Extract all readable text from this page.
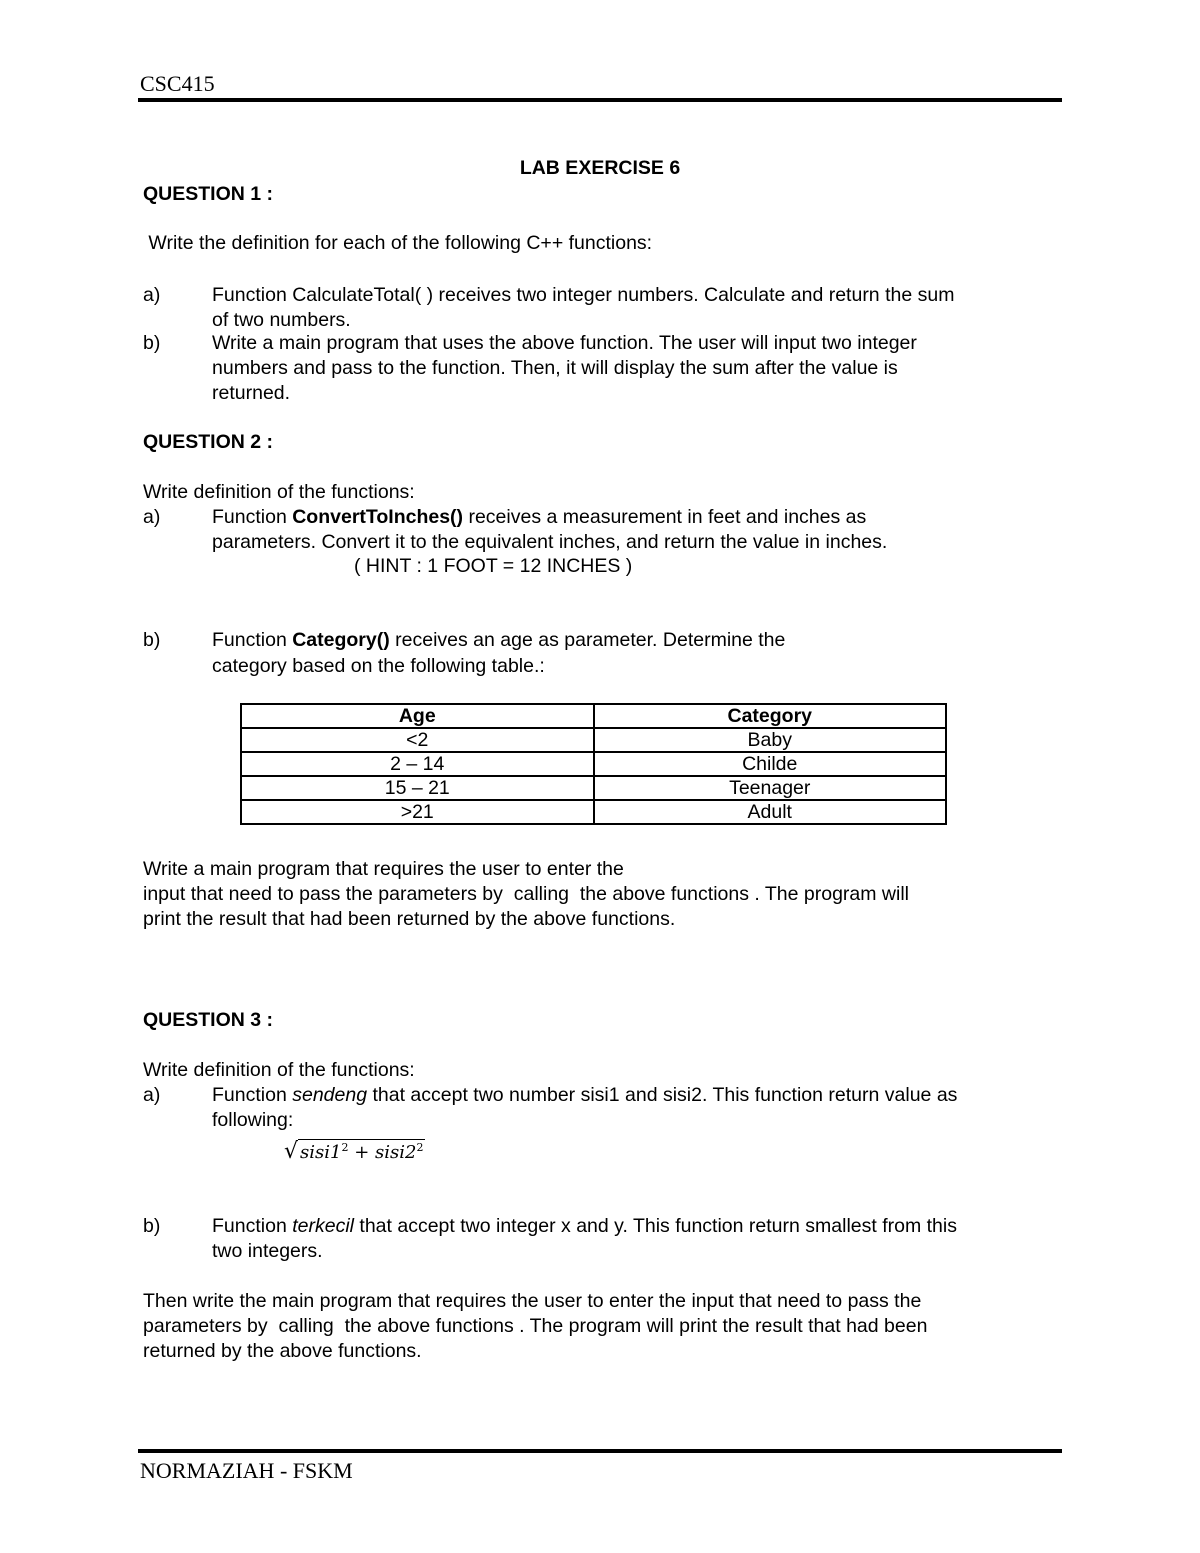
CSC415
LAB EXERCISE 6
QUESTION 1 :
Write the definition for each of the following C++ functions:
a)	Function CalculateTotal( ) receives two integer numbers. Calculate and return the sum
of two numbers.
b)	Write a main program that uses the above function. The user will input two integer
numbers and pass to the function. Then, it will display the sum after the value is
returned.
QUESTION 2 :
Write definition of the functions:
a)	Function ConvertToInches() receives a measurement in feet and inches as
parameters. Convert it to the equivalent inches, and return the value in inches.
( HINT : 1 FOOT = 12 INCHES )
b)	Function Category() receives an age as parameter. Determine the
category based on the following table.:
Age	Category
<2	Baby
2 – 14	Childe
15 – 21	Teenager
>21	Adult
Write a main program that requires the user to enter the
input that need to pass the parameters by  calling  the above functions . The program will
print the result that had been returned by the above functions.
QUESTION 3 :
Write definition of the functions:
a)	Function sendeng that accept two number sisi1 and sisi2. This function return value as
following:
√ $sisi1^2$ + $sisi2^2$
b)	Function terkecil that accept two integer x and y. This function return smallest from this
two integers.
Then write the main program that requires the user to enter the input that need to pass the
parameters by  calling  the above functions . The program will print the result that had been
returned by the above functions.
NORMAZIAH - FSKM
